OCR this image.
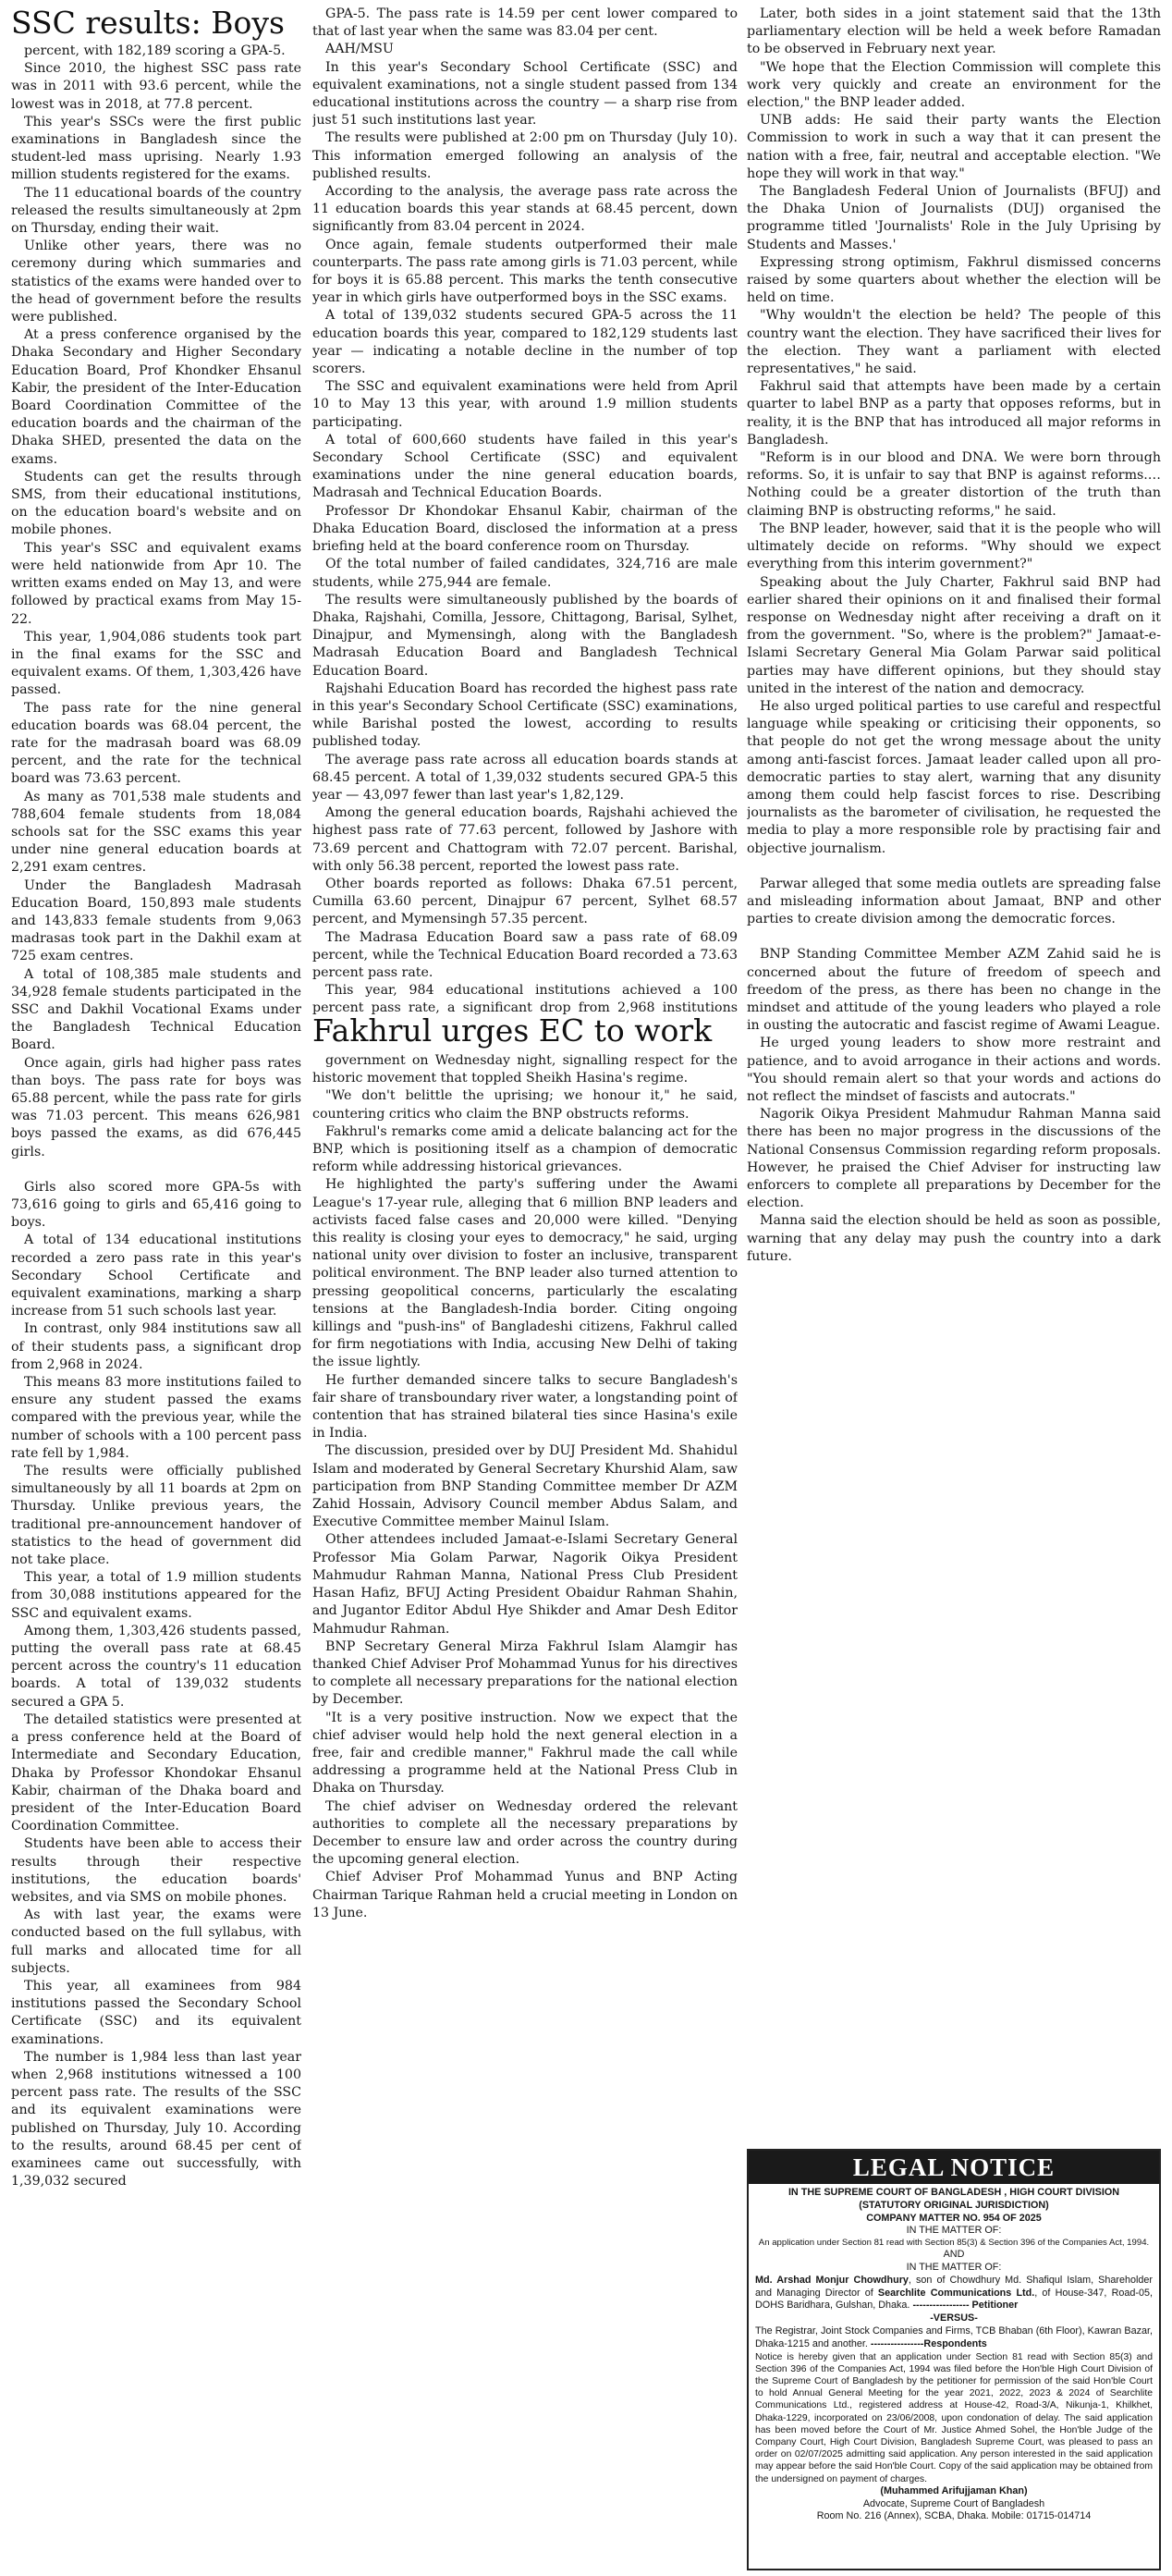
SSC results: Boys

percent, with 182,189 scoring a GPA-5.

Since 2010, the highest SSC pass rate was in 2011 with 93.6 percent, while the lowest was in 2018, at 77.8 percent.

This year's SSCs were the first public examinations in Bangladesh since the student-led mass uprising. Nearly 1.93 million students registered for the exams.

The 11 educational boards of the country released the results simultaneously at 2pm on Thursday, ending their wait.

Unlike other years, there was no ceremony during which summaries and statistics of the exams were handed over to the head of government before the results were published.

At a press conference organised by the Dhaka Secondary and Higher Secondary Education Board, Prof Khondker Ehsanul Kabir, the president of the Inter-Education Board Coordination Committee of the education boards and the chairman of the Dhaka SHED, presented the data on the exams.

Students can get the results through SMS, from their educational institutions, on the education board's website and on mobile phones.

This year's SSC and equivalent exams were held nationwide from Apr 10. The written exams ended on May 13, and were followed by practical exams from May 15-22.

This year, 1,904,086 students took part in the final exams for the SSC and equivalent exams. Of them, 1,303,426 have passed.

The pass rate for the nine general education boards was 68.04 percent, the rate for the madrasah board was 68.09 percent, and the rate for the technical board was 73.63 percent.

As many as 701,538 male students and 788,604 female students from 18,084 schools sat for the SSC exams this year under nine general education boards at 2,291 exam centres.

Under the Bangladesh Madrasah Education Board, 150,893 male students and 143,833 female students from 9,063 madrasas took part in the Dakhil exam at 725 exam centres.

A total of 108,385 male students and 34,928 female students participated in the SSC and Dakhil Vocational Exams under the Bangladesh Technical Education Board.

Once again, girls had higher pass rates than boys. The pass rate for boys was 65.88 percent, while the pass rate for girls was 71.03 percent. This means 626,981 boys passed the exams, as did 676,445 girls.

Girls also scored more GPA-5s with 73,616 going to girls and 65,416 going to boys.

A total of 134 educational institutions recorded a zero pass rate in this year's Secondary School Certificate and equivalent examinations, marking a sharp increase from 51 such schools last year.

In contrast, only 984 institutions saw all of their students pass, a significant drop from 2,968 in 2024.

This means 83 more institutions failed to ensure any student passed the exams compared with the previous year, while the number of schools with a 100 percent pass rate fell by 1,984.

The results were officially published simultaneously by all 11 boards at 2pm on Thursday. Unlike previous years, the traditional pre-announcement handover of statistics to the head of government did not take place.

This year, a total of 1.9 million students from 30,088 institutions appeared for the SSC and equivalent exams.

Among them, 1,303,426 students passed, putting the overall pass rate at 68.45 percent across the country's 11 education boards. A total of 139,032 students secured a GPA 5.

The detailed statistics were presented at a press conference held at the Board of Intermediate and Secondary Education, Dhaka by Professor Khondokar Ehsanul Kabir, chairman of the Dhaka board and president of the Inter-Education Board Coordination Committee.

Students have been able to access their results through their respective institutions, the education boards' websites, and via SMS on mobile phones.

As with last year, the exams were conducted based on the full syllabus, with full marks and allocated time for all subjects.

This year, all examinees from 984 institutions passed the Secondary School Certificate (SSC) and its equivalent examinations.

The number is 1,984 less than last year when 2,968 institutions witnessed a 100 percent pass rate. The results of the SSC and its equivalent examinations were published on Thursday, July 10. According to the results, around 68.45 per cent of examinees came out successfully, with 1,39,032 secured

GPA-5. The pass rate is 14.59 per cent lower compared to that of last year when the same was 83.04 per cent.

AAH/MSU

In this year's Secondary School Certificate (SSC) and equivalent examinations, not a single student passed from 134 educational institutions across the country — a sharp rise from just 51 such institutions last year.

The results were published at 2:00 pm on Thursday (July 10). This information emerged following an analysis of the published results.

According to the analysis, the average pass rate across the 11 education boards this year stands at 68.45 percent, down significantly from 83.04 percent in 2024.

Once again, female students outperformed their male counterparts. The pass rate among girls is 71.03 percent, while for boys it is 65.88 percent. This marks the tenth consecutive year in which girls have outperformed boys in the SSC exams.

A total of 139,032 students secured GPA-5 across the 11 education boards this year, compared to 182,129 students last year — indicating a notable decline in the number of top scorers.

The SSC and equivalent examinations were held from April 10 to May 13 this year, with around 1.9 million students participating.

A total of 600,660 students have failed in this year's Secondary School Certificate (SSC) and equivalent examinations under the nine general education boards, Madrasah and Technical Education Boards.

Professor Dr Khondokar Ehsanul Kabir, chairman of the Dhaka Education Board, disclosed the information at a press briefing held at the board conference room on Thursday.

Of the total number of failed candidates, 324,716 are male students, while 275,944 are female.

The results were simultaneously published by the boards of Dhaka, Rajshahi, Comilla, Jessore, Chittagong, Barisal, Sylhet, Dinajpur, and Mymensingh, along with the Bangladesh Madrasah Education Board and Bangladesh Technical Education Board.

Rajshahi Education Board has recorded the highest pass rate in this year's Secondary School Certificate (SSC) examinations, while Barishal posted the lowest, according to results published today.

The average pass rate across all education boards stands at 68.45 percent. A total of 1,39,032 students secured GPA-5 this year — 43,097 fewer than last year's 1,82,129.

Among the general education boards, Rajshahi achieved the highest pass rate of 77.63 percent, followed by Jashore with 73.69 percent and Chattogram with 72.07 percent. Barishal, with only 56.38 percent, reported the lowest pass rate.

Other boards reported as follows: Dhaka 67.51 percent, Cumilla 63.60 percent, Dinajpur 67 percent, Sylhet 68.57 percent, and Mymensingh 57.35 percent.

The Madrasa Education Board saw a pass rate of 68.09 percent, while the Technical Education Board recorded a 73.63 percent pass rate.

This year, 984 educational institutions achieved a 100 percent pass rate, a significant drop from 2,968 institutions

Fakhrul urges EC to work

government on Wednesday night, signalling respect for the historic movement that toppled Sheikh Hasina's regime.

"We don't belittle the uprising; we honour it," he said, countering critics who claim the BNP obstructs reforms.

Fakhrul's remarks come amid a delicate balancing act for the BNP, which is positioning itself as a champion of democratic reform while addressing historical grievances.

He highlighted the party's suffering under the Awami League's 17-year rule, alleging that 6 million BNP leaders and activists faced false cases and 20,000 were killed. "Denying this reality is closing your eyes to democracy," he said, urging national unity over division to foster an inclusive, transparent political environment. The BNP leader also turned attention to pressing geopolitical concerns, particularly the escalating tensions at the Bangladesh-India border. Citing ongoing killings and "push-ins" of Bangladeshi citizens, Fakhrul called for firm negotiations with India, accusing New Delhi of taking the issue lightly.

He further demanded sincere talks to secure Bangladesh's fair share of transboundary river water, a longstanding point of contention that has strained bilateral ties since Hasina's exile in India.

The discussion, presided over by DUJ President Md. Shahidul Islam and moderated by General Secretary Khurshid Alam, saw participation from BNP Standing Committee member Dr AZM Zahid Hossain, Advisory Council member Abdus Salam, and Executive Committee member Mainul Islam.

Other attendees included Jamaat-e-Islami Secretary General Professor Mia Golam Parwar, Nagorik Oikya President Mahmudur Rahman Manna, National Press Club President Hasan Hafiz, BFUJ Acting President Obaidur Rahman Shahin, and Jugantor Editor Abdul Hye Shikder and Amar Desh Editor Mahmudur Rahman.

BNP Secretary General Mirza Fakhrul Islam Alamgir has thanked Chief Adviser Prof Mohammad Yunus for his directives to complete all necessary preparations for the national election by December.

"It is a very positive instruction. Now we expect that the chief adviser would help hold the next general election in a free, fair and credible manner," Fakhrul made the call while addressing a programme held at the National Press Club in Dhaka on Thursday.

The chief adviser on Wednesday ordered the relevant authorities to complete all the necessary preparations by December to ensure law and order across the country during the upcoming general election.

Chief Adviser Prof Mohammad Yunus and BNP Acting Chairman Tarique Rahman held a crucial meeting in London on 13 June.

Later, both sides in a joint statement said that the 13th parliamentary election will be held a week before Ramadan to be observed in February next year.

"We hope that the Election Commission will complete this work very quickly and create an environment for the election," the BNP leader added.

UNB adds: He said their party wants the Election Commission to work in such a way that it can present the nation with a free, fair, neutral and acceptable election. "We hope they will work in that way."

The Bangladesh Federal Union of Journalists (BFUJ) and the Dhaka Union of Journalists (DUJ) organised the programme titled 'Journalists' Role in the July Uprising by Students and Masses.'

Expressing strong optimism, Fakhrul dismissed concerns raised by some quarters about whether the election will be held on time.

"Why wouldn't the election be held? The people of this country want the election. They have sacrificed their lives for the election. They want a parliament with elected representatives," he said.

Fakhrul said that attempts have been made by a certain quarter to label BNP as a party that opposes reforms, but in reality, it is the BNP that has introduced all major reforms in Bangladesh.

"Reform is in our blood and DNA. We were born through reforms. So, it is unfair to say that BNP is against reforms.…Nothing could be a greater distortion of the truth than claiming BNP is obstructing reforms," he said.

The BNP leader, however, said that it is the people who will ultimately decide on reforms. "Why should we expect everything from this interim government?"

Speaking about the July Charter, Fakhrul said BNP had earlier shared their opinions on it and finalised their formal response on Wednesday night after receiving a draft on it from the government. "So, where is the problem?" Jamaat-e-Islami Secretary General Mia Golam Parwar said political parties may have different opinions, but they should stay united in the interest of the nation and democracy.

He also urged political parties to use careful and respectful language while speaking or criticising their opponents, so that people do not get the wrong message about the unity among anti-fascist forces. Jamaat leader called upon all pro-democratic parties to stay alert, warning that any disunity among them could help fascist forces to rise. Describing journalists as the barometer of civilisation, he requested the media to play a more responsible role by practising fair and objective journalism.

Parwar alleged that some media outlets are spreading false and misleading information about Jamaat, BNP and other parties to create division among the democratic forces.

BNP Standing Committee Member AZM Zahid said he is concerned about the future of freedom of speech and freedom of the press, as there has been no change in the mindset and attitude of the young leaders who played a role in ousting the autocratic and fascist regime of Awami League.

He urged young leaders to show more restraint and patience, and to avoid arrogance in their actions and words. "You should remain alert so that your words and actions do not reflect the mindset of fascists and autocrats."

Nagorik Oikya President Mahmudur Rahman Manna said there has been no major progress in the discussions of the National Consensus Commission regarding reform proposals. However, he praised the Chief Adviser for instructing law enforcers to complete all preparations by December for the election.

Manna said the election should be held as soon as possible, warning that any delay may push the country into a dark future.

LEGAL NOTICE

IN THE SUPREME COURT OF BANGLADESH , HIGH COURT DIVISION

(STATUTORY ORIGINAL JURISDICTION)

COMPANY MATTER NO. 954 OF 2025

IN THE MATTER OF:

An application under Section 81 read with Section 85(3) & Section 396 of the Companies Act, 1994.

AND

IN THE MATTER OF:

Md. Arshad Monjur Chowdhury, son of Chowdhury Md. Shafiqul Islam, Shareholder and Managing Director of Searchlite Communications Ltd., of House-347, Road-05, DOHS Baridhara, Gulshan, Dhaka. ----------------- Petitioner

-VERSUS-

The Registrar, Joint Stock Companies and Firms, TCB Bhaban (6th Floor), Kawran Bazar, Dhaka-1215 and another. ----------------Respondents

Notice is hereby given that an application under Section 81 read with Section 85(3) and Section 396 of the Companies Act, 1994 was filed before the Hon'ble High Court Division of the Supreme Court of Bangladesh by the petitioner for permission of the said Hon'ble Court to hold Annual General Meeting for the year 2021, 2022, 2023 & 2024 of Searchlite Communications Ltd., registered address at House-42, Road-3/A, Nikunja-1, Khilkhet, Dhaka-1229, incorporated on 23/06/2008, upon condonation of delay. The said application has been moved before the Court of Mr. Justice Ahmed Sohel, the Hon'ble Judge of the Company Court, High Court Division, Bangladesh Supreme Court, was pleased to pass an order on 02/07/2025 admitting said application. Any person interested in the said application may appear before the said Hon'ble Court. Copy of the said application may be obtained from the undersigned on payment of charges.

(Muhammed Arifujjaman Khan)

Advocate, Supreme Court of Bangladesh

Room No. 216 (Annex), SCBA, Dhaka. Mobile: 01715-014714
